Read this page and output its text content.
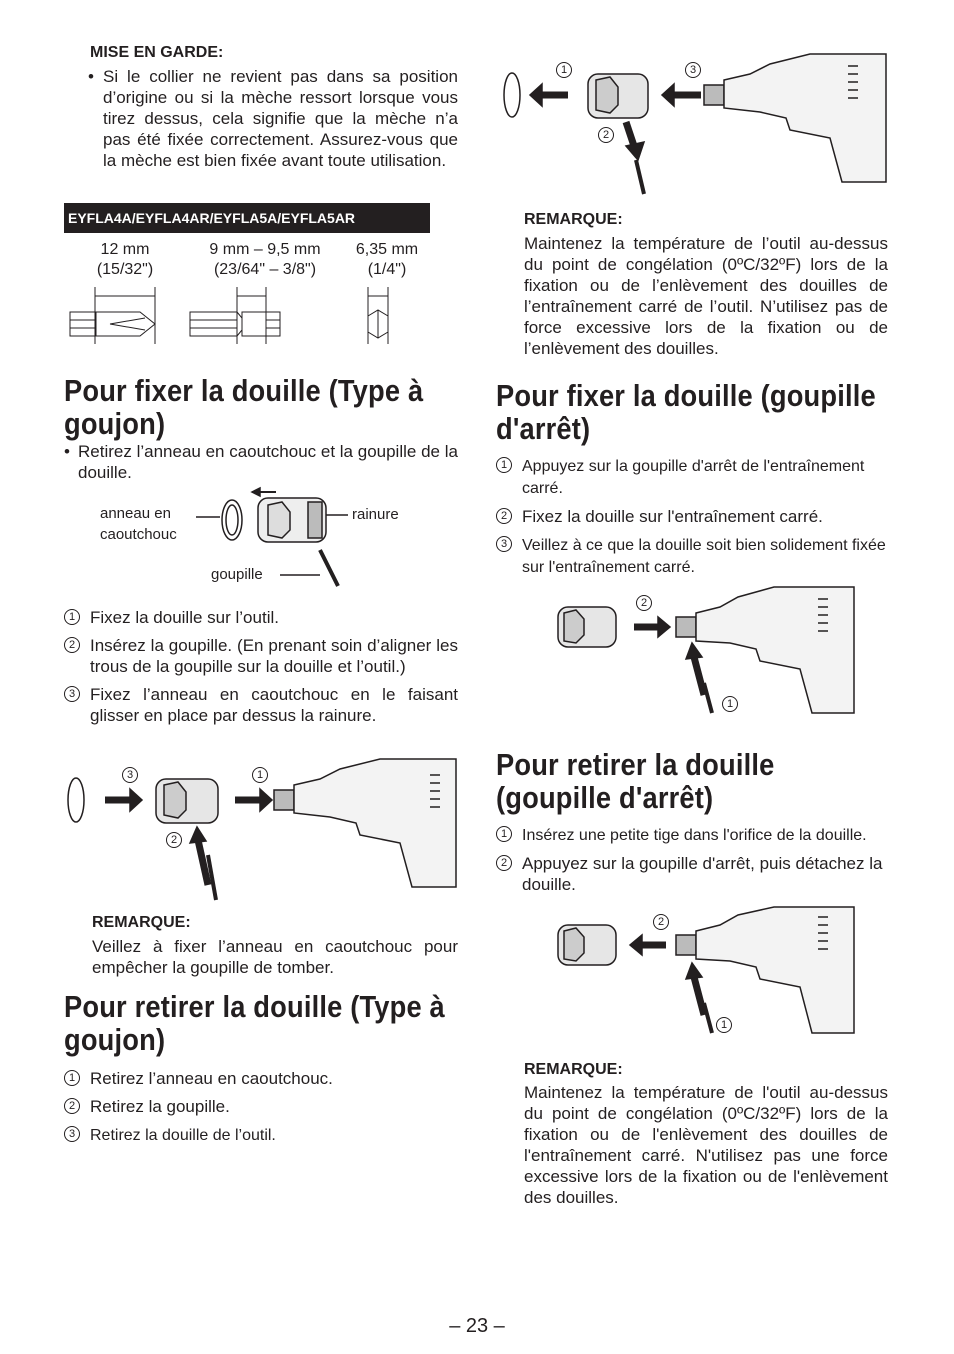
MISE EN GARDE:
• Si le collier ne revient pas dans sa position d’origine ou si la mèche ressort lorsque vous tirez dessus, cela signifie que la mèche n’a pas été fixée correctement. Assurez-vous que la mèche est bien fixée avant toute utilisation.
EYFLA4A/EYFLA4AR/EYFLA5A/EYFLA5AR
12 mm
(15/32")
9 mm – 9,5 mm
(23/64" – 3/8")
6,35 mm
(1/4")
Pour fixer la douille (Type à goujon)
• Retirez l’anneau en caoutchouc et la goupille de la douille.
anneau en caoutchouc
rainure
goupille
1 Fixez la douille sur l’outil.
2 Insérez la goupille. (En prenant soin d’aligner les trous de la goupille sur la douille et l’outil.)
3 Fixez l’anneau en caoutchouc en le faisant glisser en place par dessus la rainure.
3	1
2
REMARQUE:
Veillez à fixer l’anneau en caoutchouc pour empêcher la goupille de tomber.
Pour retirer la douille (Type à goujon)
1 Retirez l’anneau en caoutchouc.
2 Retirez la goupille.
3 Retirez la douille de l’outil.
1	3
2
REMARQUE:
Maintenez la température de l’outil au-dessus du point de congélation (0ºC/32ºF) lors de la fixation ou de l’enlèvement des douilles de l’entraînement carré de l’outil. N’utilisez pas de force excessive lors de la fixation ou de l’enlèvement des douilles.
Pour fixer la douille (goupille d'arrêt)
1 Appuyez sur la goupille d'arrêt de l'entraînement carré.
2 Fixez la douille sur l'entraînement carré.
3 Veillez à ce que la douille soit bien solidement fixée sur l'entraînement carré.
2
1
Pour retirer la douille (goupille d'arrêt)
1 Insérez une petite tige dans l'orifice de la douille.
2 Appuyez sur la goupille d'arrêt, puis détachez la douille.
2
1
REMARQUE:
Maintenez la température de l'outil au-dessus du point de congélation (0ºC/32ºF) lors de la fixation ou de l'enlèvement des douilles de l'entraînement carré. N'utilisez pas une force excessive lors de la fixation ou de l'enlèvement des douilles.
– 23 –
